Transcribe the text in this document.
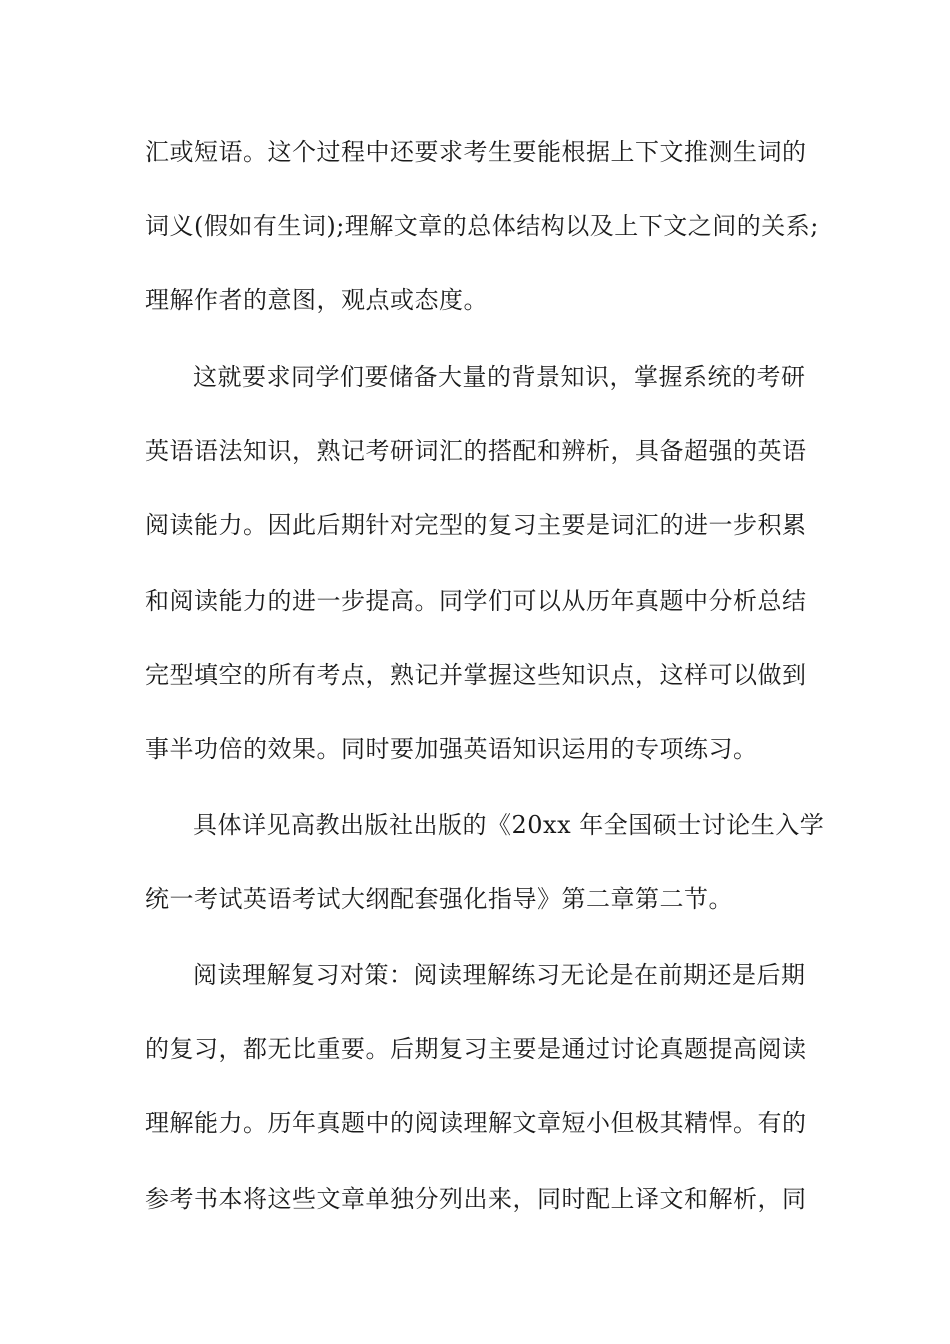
汇或短语。这个过程中还要求考生要能根据上下文推测生词的
词义(假如有生词);理解文章的总体结构以及上下文之间的关系;
理解作者的意图，观点或态度。
这就要求同学们要储备大量的背景知识，掌握系统的考研
英语语法知识，熟记考研词汇的搭配和辨析，具备超强的英语
阅读能力。因此后期针对完型的复习主要是词汇的进一步积累
和阅读能力的进一步提高。同学们可以从历年真题中分析总结
完型填空的所有考点，熟记并掌握这些知识点，这样可以做到
事半功倍的效果。同时要加强英语知识运用的专项练习。
具体详见高教出版社出版的《20xx 年全国硕士讨论生入学
统一考试英语考试大纲配套强化指导》第二章第二节。
阅读理解复习对策：阅读理解练习无论是在前期还是后期
的复习，都无比重要。后期复习主要是通过讨论真题提高阅读
理解能力。历年真题中的阅读理解文章短小但极其精悍。有的
参考书本将这些文章单独分列出来，同时配上译文和解析，同
